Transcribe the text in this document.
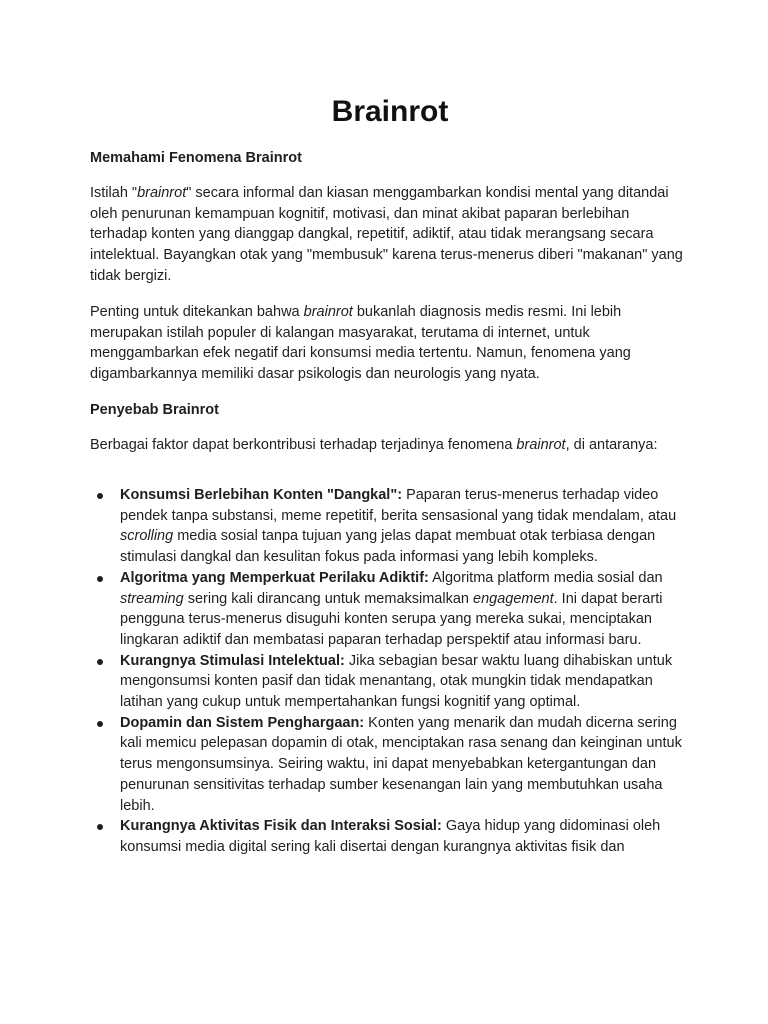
Brainrot
Memahami Fenomena Brainrot

Istilah "brainrot" secara informal dan kiasan menggambarkan kondisi mental yang ditandai oleh penurunan kemampuan kognitif, motivasi, dan minat akibat paparan berlebihan terhadap konten yang dianggap dangkal, repetitif, adiktif, atau tidak merangsang secara intelektual. Bayangkan otak yang "membusuk" karena terus-menerus diberi "makanan" yang tidak bergizi.

Penting untuk ditekankan bahwa brainrot bukanlah diagnosis medis resmi. Ini lebih merupakan istilah populer di kalangan masyarakat, terutama di internet, untuk menggambarkan efek negatif dari konsumsi media tertentu. Namun, fenomena yang digambarkannya memiliki dasar psikologis dan neurologis yang nyata.

Penyebab Brainrot

Berbagai faktor dapat berkontribusi terhadap terjadinya fenomena brainrot, di antaranya:

Konsumsi Berlebihan Konten "Dangkal": Paparan terus-menerus terhadap video pendek tanpa substansi, meme repetitif, berita sensasional yang tidak mendalam, atau scrolling media sosial tanpa tujuan yang jelas dapat membuat otak terbiasa dengan stimulasi dangkal dan kesulitan fokus pada informasi yang lebih kompleks.
Algoritma yang Memperkuat Perilaku Adiktif: Algoritma platform media sosial dan streaming sering kali dirancang untuk memaksimalkan engagement. Ini dapat berarti pengguna terus-menerus disuguhi konten serupa yang mereka sukai, menciptakan lingkaran adiktif dan membatasi paparan terhadap perspektif atau informasi baru.
Kurangnya Stimulasi Intelektual: Jika sebagian besar waktu luang dihabiskan untuk mengonsumsi konten pasif dan tidak menantang, otak mungkin tidak mendapatkan latihan yang cukup untuk mempertahankan fungsi kognitif yang optimal.
Dopamin dan Sistem Penghargaan: Konten yang menarik dan mudah dicerna sering kali memicu pelepasan dopamin di otak, menciptakan rasa senang dan keinginan untuk terus mengonsumsinya. Seiring waktu, ini dapat menyebabkan ketergantungan dan penurunan sensitivitas terhadap sumber kesenangan lain yang membutuhkan usaha lebih.
Kurangnya Aktivitas Fisik dan Interaksi Sosial: Gaya hidup yang didominasi oleh konsumsi media digital sering kali disertai dengan kurangnya aktivitas fisik dan
